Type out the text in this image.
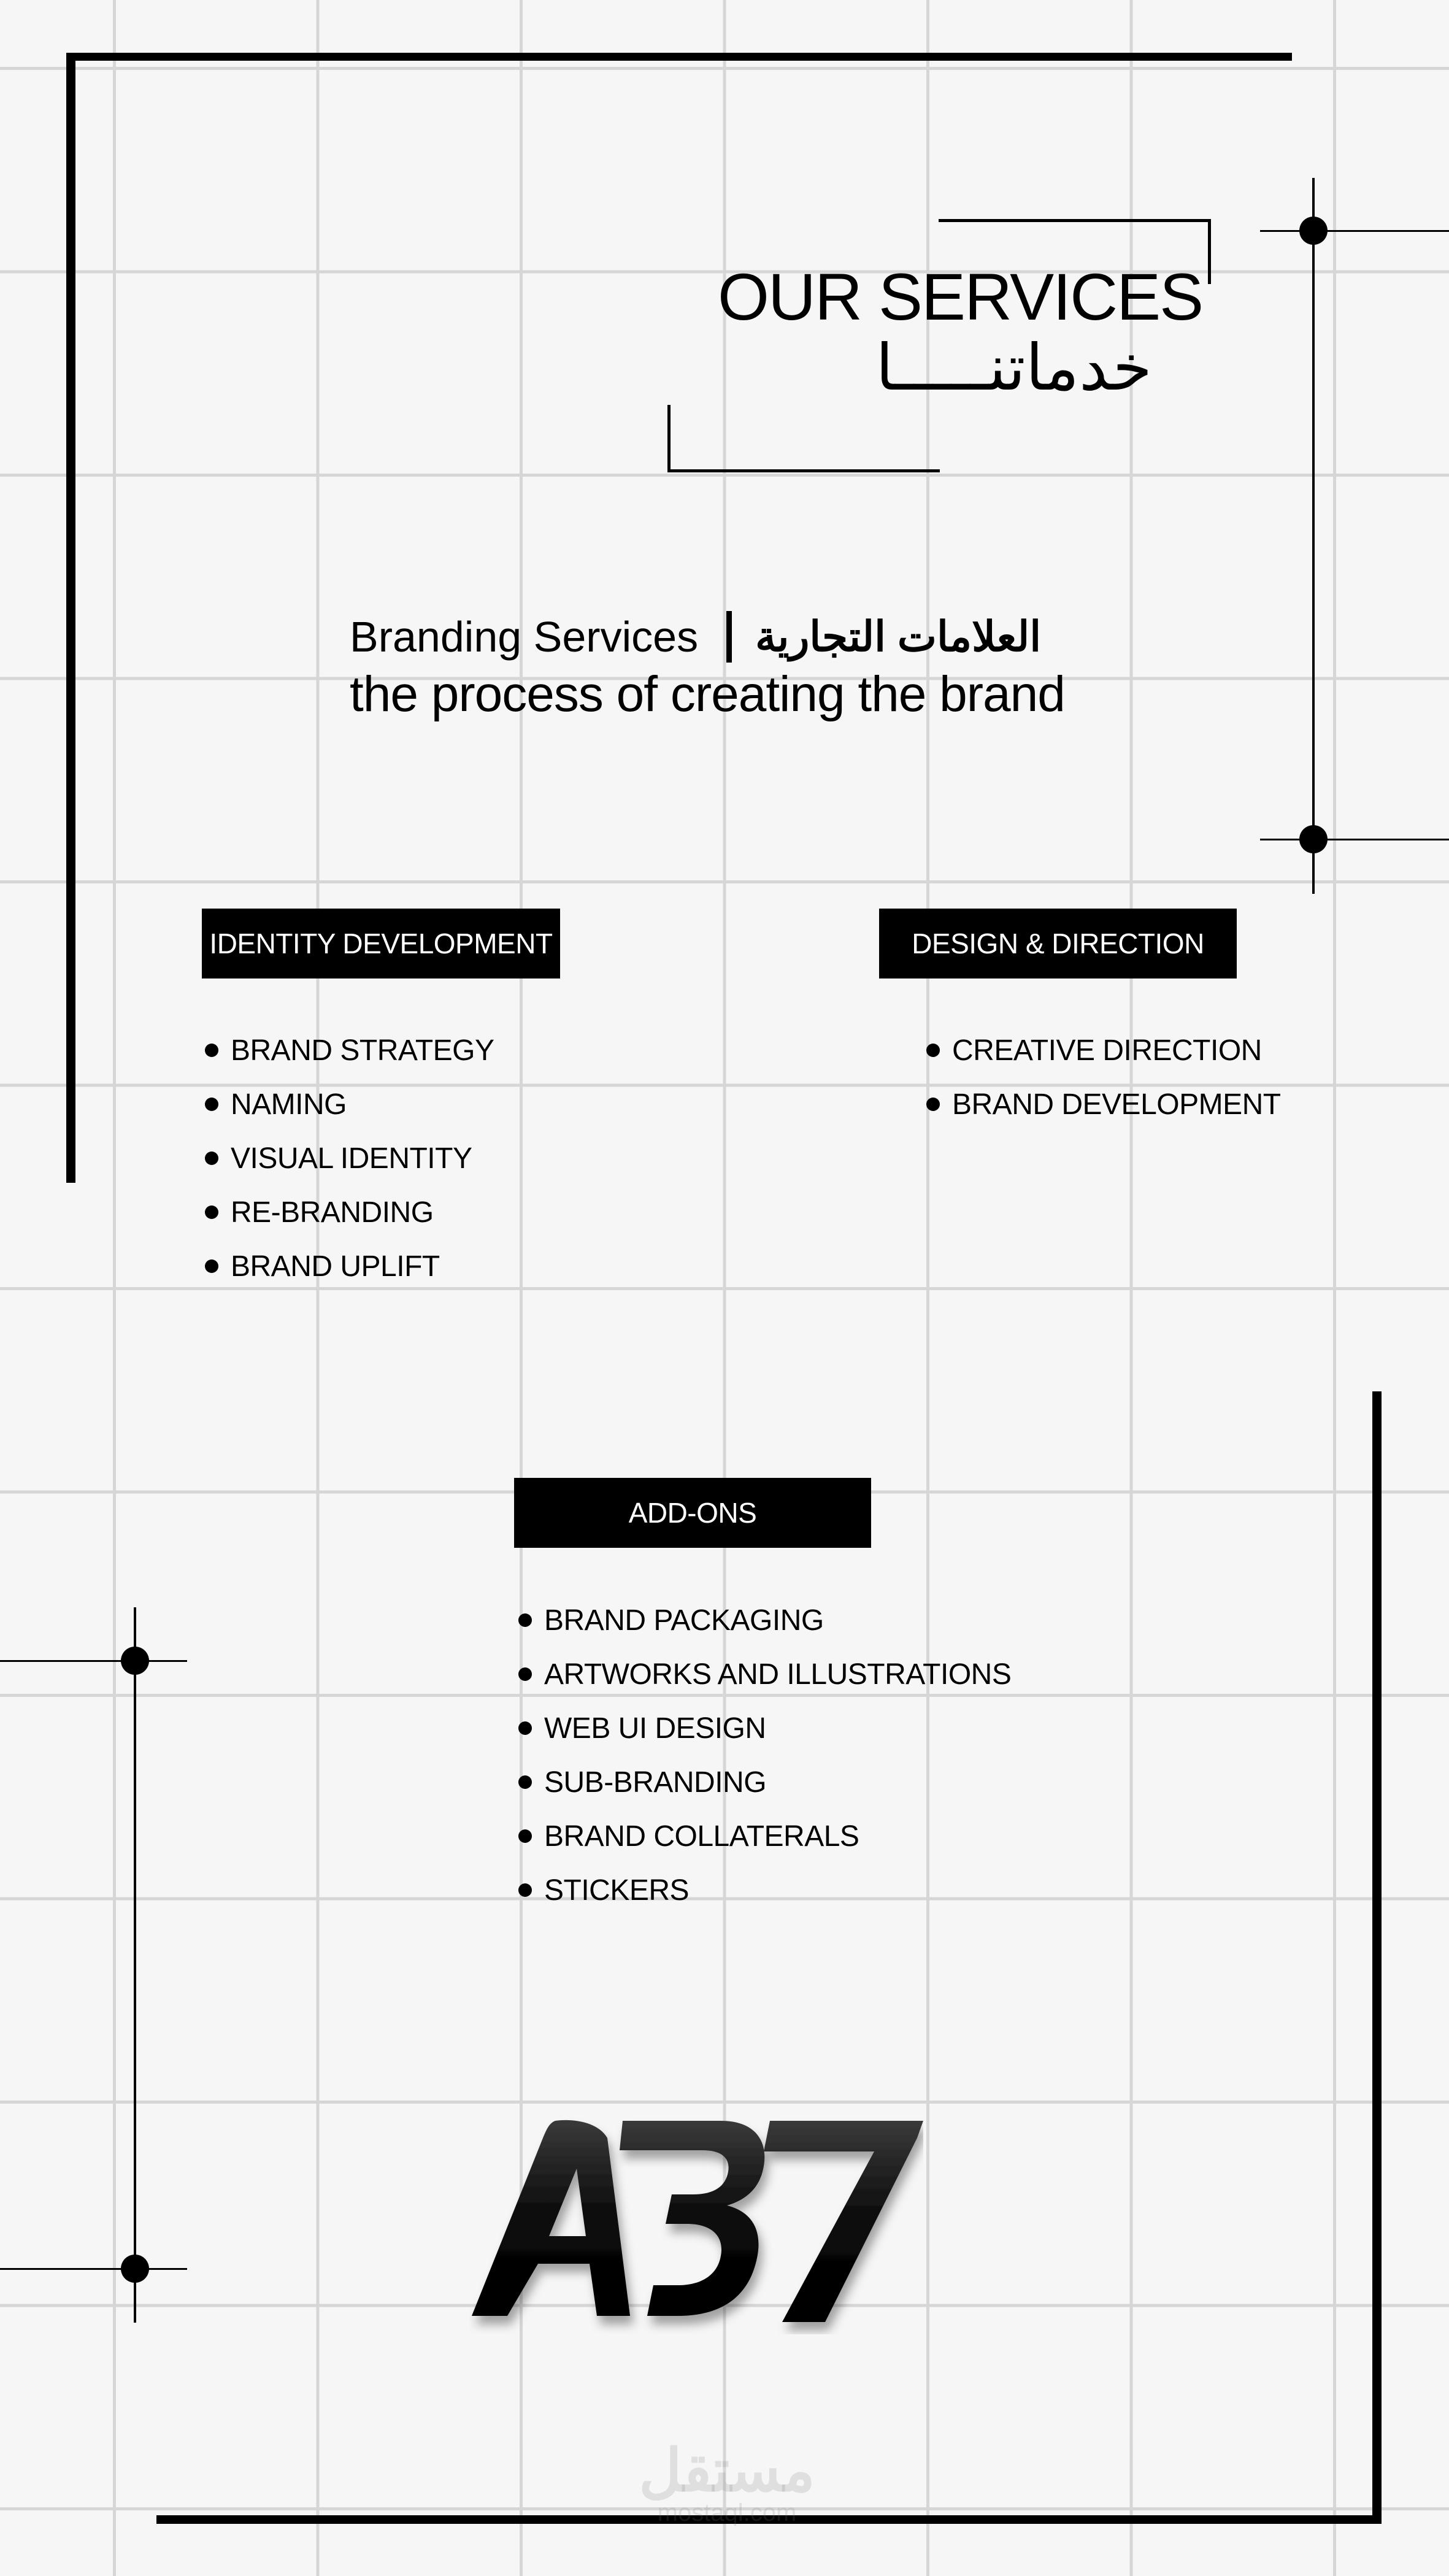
OUR SERVICES
خدماتنـــــا
Branding Services العلامات التجارية
the process of creating the brand
IDENTITY DEVELOPMENT
BRAND STRATEGY
NAMING
VISUAL IDENTITY
RE-BRANDING
BRAND UPLIFT
DESIGN & DIRECTION
CREATIVE DIRECTION
BRAND DEVELOPMENT
ADD-ONS
BRAND PACKAGING
ARTWORKS AND ILLUSTRATIONS
WEB UI DESIGN
SUB-BRANDING
BRAND COLLATERALS
STICKERS
مستقل
mostaql.com
